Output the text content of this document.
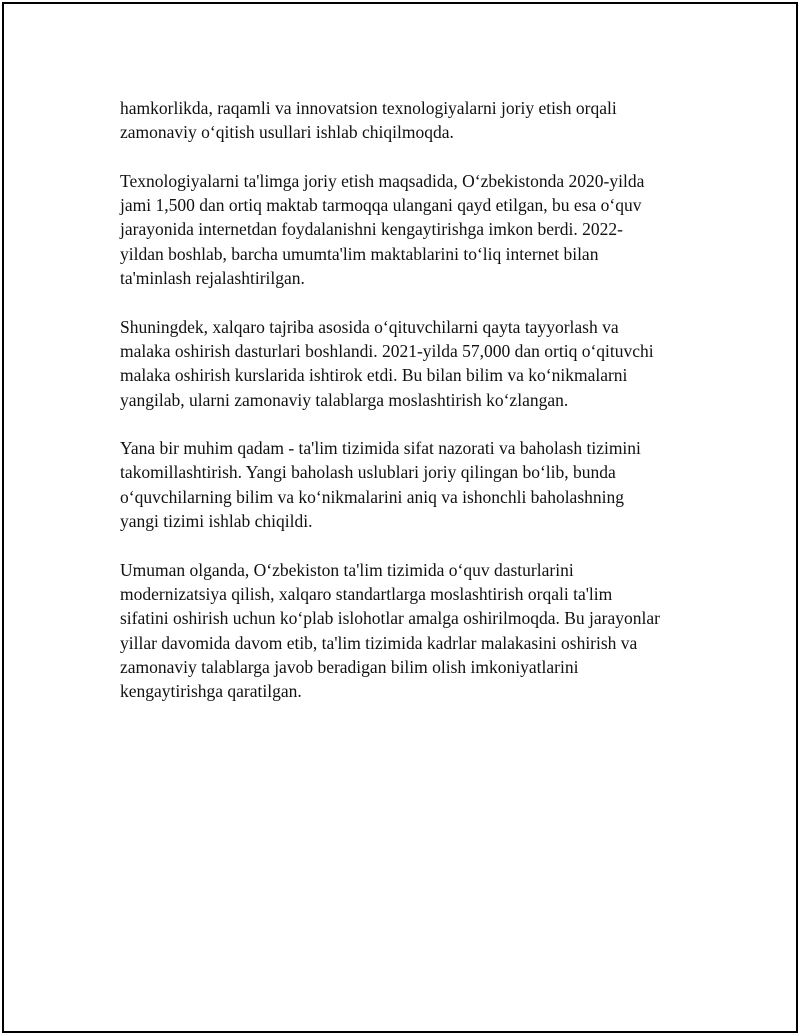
hamkorlikda, raqamli va innovatsion texnologiyalarni joriy etish orqali
zamonaviy o‘qitish usullari ishlab chiqilmoqda.

Texnologiyalarni ta'limga joriy etish maqsadida, O‘zbekistonda 2020-yilda
jami 1,500 dan ortiq maktab tarmoqqa ulangani qayd etilgan, bu esa o‘quv
jarayonida internetdan foydalanishni kengaytirishga imkon berdi. 2022-
yildan boshlab, barcha umumta'lim maktablarini to‘liq internet bilan
ta'minlash rejalashtirilgan.

Shuningdek, xalqaro tajriba asosida o‘qituvchilarni qayta tayyorlash va
malaka oshirish dasturlari boshlandi. 2021-yilda 57,000 dan ortiq o‘qituvchi
malaka oshirish kurslarida ishtirok etdi. Bu bilan bilim va ko‘nikmalarni
yangilab, ularni zamonaviy talablarga moslashtirish ko‘zlangan.

Yana bir muhim qadam - ta'lim tizimida sifat nazorati va baholash tizimini
takomillashtirish. Yangi baholash uslublari joriy qilingan bo‘lib, bunda
o‘quvchilarning bilim va ko‘nikmalarini aniq va ishonchli baholashning
yangi tizimi ishlab chiqildi.

Umuman olganda, O‘zbekiston ta'lim tizimida o‘quv dasturlarini
modernizatsiya qilish, xalqaro standartlarga moslashtirish orqali ta'lim
sifatini oshirish uchun ko‘plab islohotlar amalga oshirilmoqda. Bu jarayonlar
yillar davomida davom etib, ta'lim tizimida kadrlar malakasini oshirish va
zamonaviy talablarga javob beradigan bilim olish imkoniyatlarini
kengaytirishga qaratilgan.
